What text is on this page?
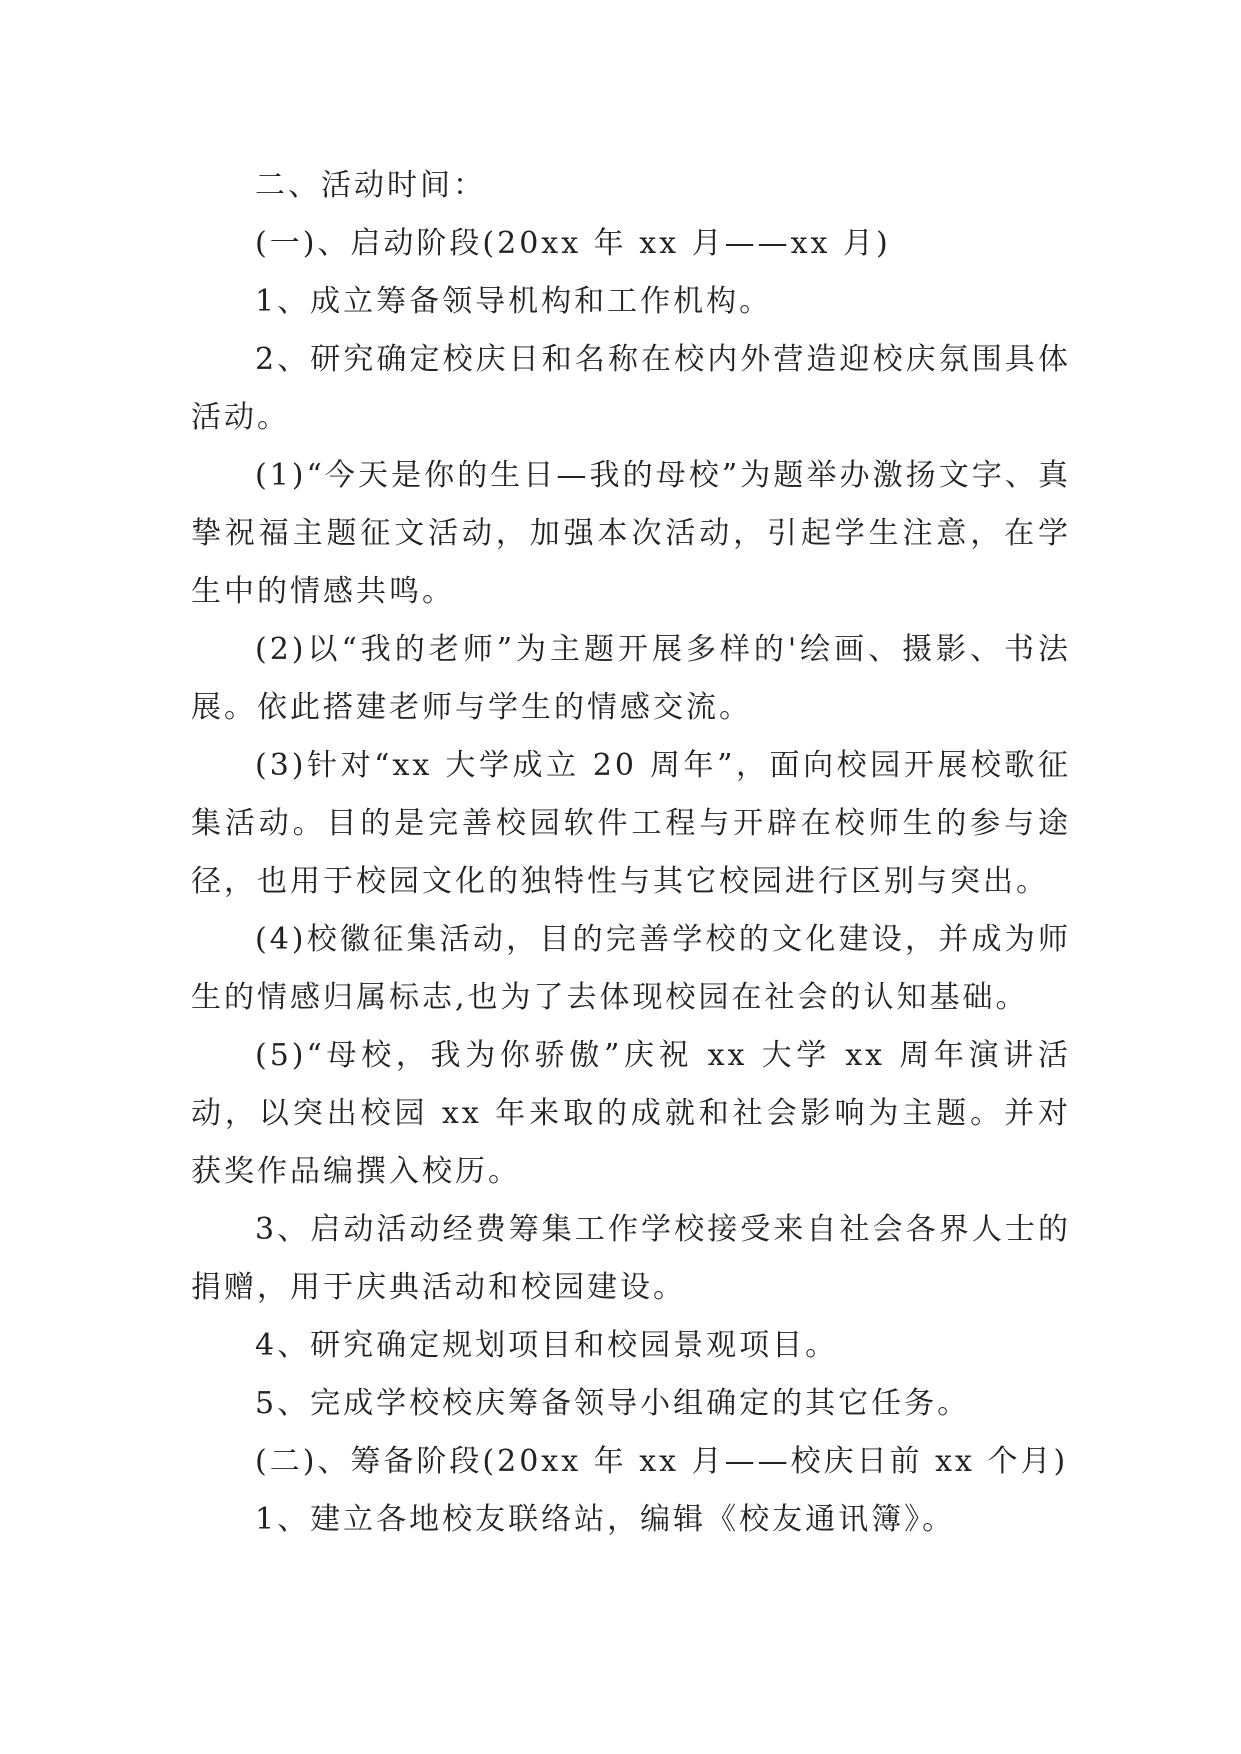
二、活动时间：

(一)、启动阶段(20xx 年 xx 月——xx 月)

1、成立筹备领导机构和工作机构。

2、研究确定校庆日和名称在校内外营造迎校庆氛围具体活动。

(1)“今天是你的生日—我的母校”为题举办激扬文字、真挚祝福主题征文活动，加强本次活动，引起学生注意，在学生中的情感共鸣。

(2)以“我的老师”为主题开展多样的'绘画、摄影、书法展。依此搭建老师与学生的情感交流。

(3)针对“xx 大学成立 20 周年”，面向校园开展校歌征集活动。目的是完善校园软件工程与开辟在校师生的参与途径，也用于校园文化的独特性与其它校园进行区别与突出。

(4)校徽征集活动，目的完善学校的文化建设，并成为师生的情感归属标志,也为了去体现校园在社会的认知基础。

(5)“母校，我为你骄傲”庆祝 xx 大学 xx 周年演讲活动，以突出校园 xx 年来取的成就和社会影响为主题。并对获奖作品编撰入校历。

3、启动活动经费筹集工作学校接受来自社会各界人士的捐赠，用于庆典活动和校园建设。

4、研究确定规划项目和校园景观项目。

5、完成学校校庆筹备领导小组确定的其它任务。

(二)、筹备阶段(20xx 年 xx 月——校庆日前 xx 个月)

1、建立各地校友联络站，编辑《校友通讯簿》。
